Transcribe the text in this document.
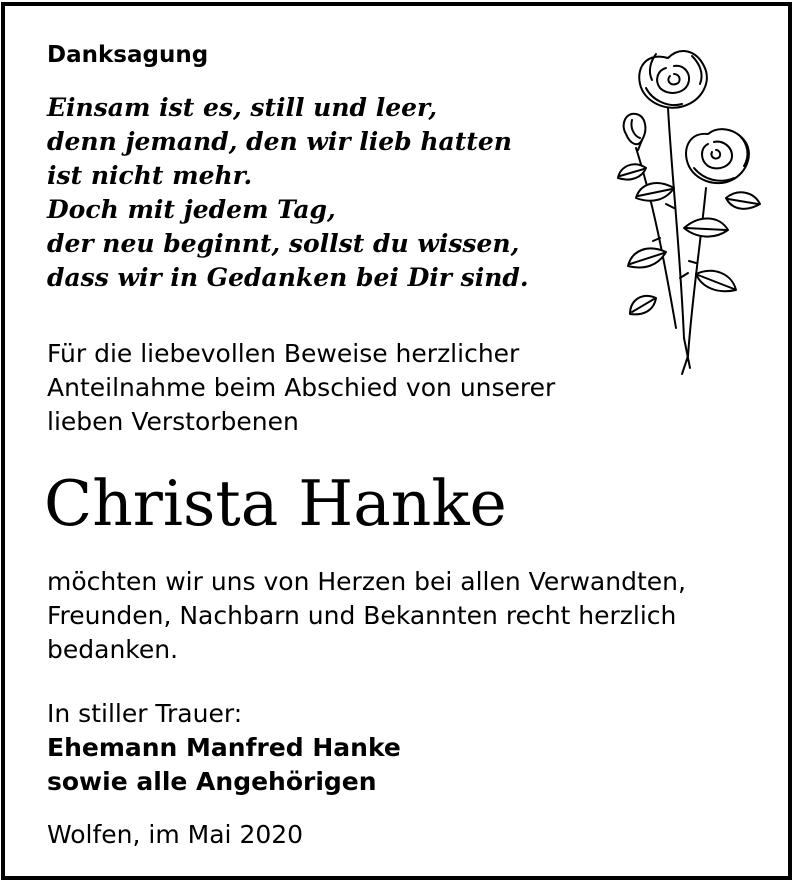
Danksagung
Einsam ist es, still und leer,
denn jemand, den wir lieb hatten
ist nicht mehr.
Doch mit jedem Tag,
der neu beginnt, sollst du wissen,
dass wir in Gedanken bei Dir sind.
Für die liebevollen Beweise herzlicher
Anteilnahme beim Abschied von unserer
lieben Verstorbenen
Christa Hanke
möchten wir uns von Herzen bei allen Verwandten,
Freunden, Nachbarn und Bekannten recht herzlich
bedanken.
In stiller Trauer:
Ehemann Manfred Hanke
sowie alle Angehörigen
Wolfen, im Mai 2020
